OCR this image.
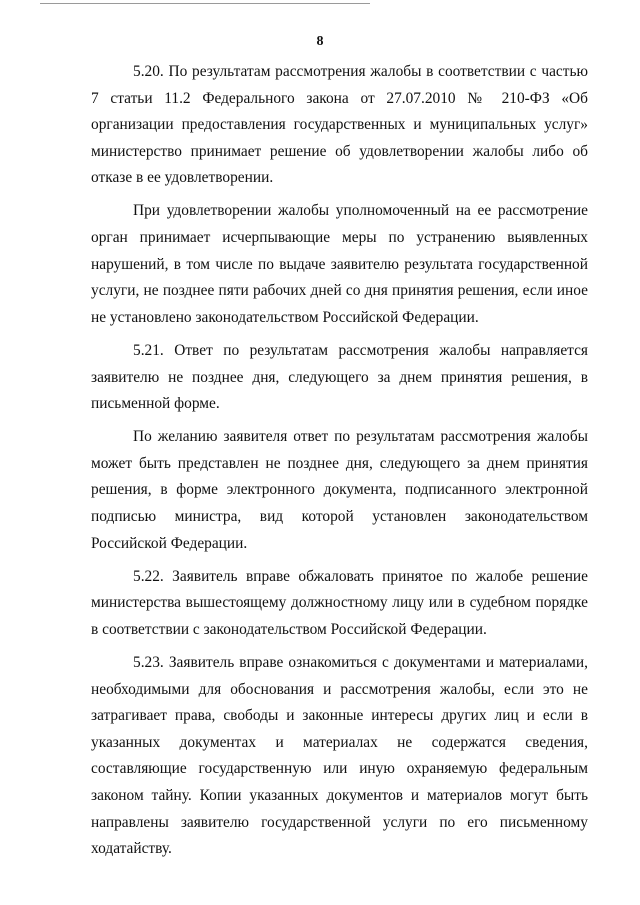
8

5.20. По результатам рассмотрения жалобы в соответствии с частью 7 статьи 11.2 Федерального закона от 27.07.2010 № 210-ФЗ «Об организации предоставления государственных и муниципальных услуг» министерство принимает решение об удовлетворении жалобы либо об отказе в ее удовлетворении.

При удовлетворении жалобы уполномоченный на ее рассмотрение орган принимает исчерпывающие меры по устранению выявленных нарушений, в том числе по выдаче заявителю результата государственной услуги, не позднее пяти рабочих дней со дня принятия решения, если иное не установлено законодательством Российской Федерации.

5.21. Ответ по результатам рассмотрения жалобы направляется заявителю не позднее дня, следующего за днем принятия решения, в письменной форме.

По желанию заявителя ответ по результатам рассмотрения жалобы может быть представлен не позднее дня, следующего за днем принятия решения, в форме электронного документа, подписанного электронной подписью министра, вид которой установлен законодательством Российской Федерации.

5.22. Заявитель вправе обжаловать принятое по жалобе решение министерства вышестоящему должностному лицу или в судебном порядке в соответствии с законодательством Российской Федерации.

5.23. Заявитель вправе ознакомиться с документами и материалами, необходимыми для обоснования и рассмотрения жалобы, если это не затрагивает права, свободы и законные интересы других лиц и если в указанных документах и материалах не содержатся сведения, составляющие государственную или иную охраняемую федеральным законом тайну. Копии указанных документов и материалов могут быть направлены заявителю государственной услуги по его письменному ходатайству.
